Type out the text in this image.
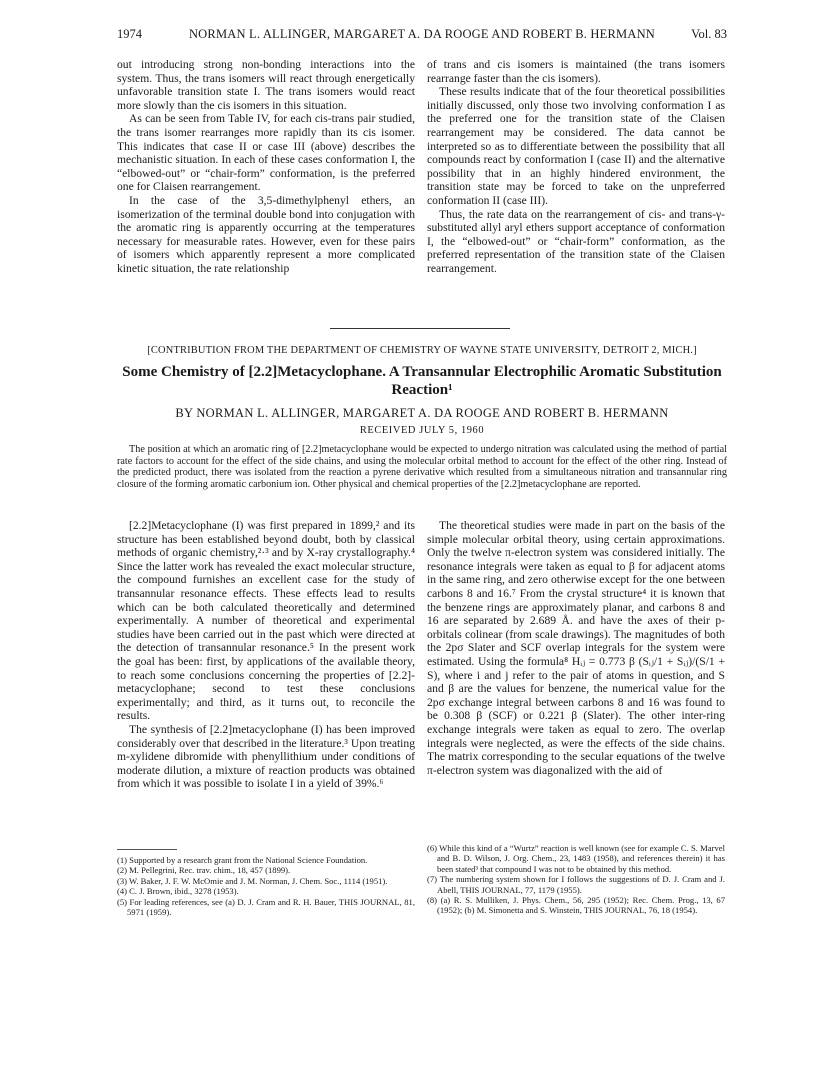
1974	NORMAN L. ALLINGER, MARGARET A. DA ROOGE AND ROBERT B. HERMANN	Vol. 83

out introducing strong non-bonding interactions into the system. Thus, the trans isomers will react through energetically unfavorable transition state I. The trans isomers would react more slowly than the cis isomers in this situation.

As can be seen from Table IV, for each cis-trans pair studied, the trans isomer rearranges more rapidly than its cis isomer. This indicates that case II or case III (above) describes the mechanistic situation. In each of these cases conformation I, the “elbowed-out” or “chair-form” conformation, is the preferred one for Claisen rearrangement.

In the case of the 3,5-dimethylphenyl ethers, an isomerization of the terminal double bond into conjugation with the aromatic ring is apparently occurring at the temperatures necessary for measurable rates. However, even for these pairs of isomers which apparently represent a more complicated kinetic situation, the rate relationship

of trans and cis isomers is maintained (the trans isomers rearrange faster than the cis isomers).

These results indicate that of the four theoretical possibilities initially discussed, only those two involving conformation I as the preferred one for the transition state of the Claisen rearrangement may be considered. The data cannot be interpreted so as to differentiate between the possibility that all compounds react by conformation I (case II) and the alternative possibility that in an highly hindered environment, the transition state may be forced to take on the unpreferred conformation II (case III).

Thus, the rate data on the rearrangement of cis- and trans-γ-substituted allyl aryl ethers support acceptance of conformation I, the “elbowed-out” or “chair-form” conformation, as the preferred representation of the transition state of the Claisen rearrangement.

[CONTRIBUTION FROM THE DEPARTMENT OF CHEMISTRY OF WAYNE STATE UNIVERSITY, DETROIT 2, MICH.]
Some Chemistry of [2.2]Metacyclophane. A Transannular Electrophilic Aromatic Substitution Reaction¹
BY NORMAN L. ALLINGER, MARGARET A. DA ROOGE AND ROBERT B. HERMANN
RECEIVED JULY 5, 1960
The position at which an aromatic ring of [2.2]metacyclophane would be expected to undergo nitration was calculated using the method of partial rate factors to account for the effect of the side chains, and using the molecular orbital method to account for the effect of the other ring. Instead of the predicted product, there was isolated from the reaction a pyrene derivative which resulted from a simultaneous nitration and transannular ring closure of the forming aromatic carbonium ion. Other physical and chemical properties of the [2.2]metacyclophane are reported.

[2.2]Metacyclophane (I) was first prepared in 1899,² and its structure has been established beyond doubt, both by classical methods of organic chemistry,²·³ and by X-ray crystallography.⁴ Since the latter work has revealed the exact molecular structure, the compound furnishes an excellent case for the study of transannular resonance effects. These effects lead to results which can be both calculated theoretically and determined experimentally. A number of theoretical and experimental studies have been carried out in the past which were directed at the detection of transannular resonance.⁵ In the present work the goal has been: first, by applications of the available theory, to reach some conclusions concerning the properties of [2.2]-metacyclophane; second to test these conclusions experimentally; and third, as it turns out, to reconcile the results.

The synthesis of [2.2]metacyclophane (I) has been improved considerably over that described in the literature.³ Upon treating m-xylidene dibromide with phenyllithium under conditions of moderate dilution, a mixture of reaction products was obtained from which it was possible to isolate I in a yield of 39%.⁶

The theoretical studies were made in part on the basis of the simple molecular orbital theory, using certain approximations. Only the twelve π-electron system was considered initially. The resonance integrals were taken as equal to β for adjacent atoms in the same ring, and zero otherwise except for the one between carbons 8 and 16.⁷ From the crystal structure⁴ it is known that the benzene rings are approximately planar, and carbons 8 and 16 are separated by 2.689 Å. and have the axes of their p-orbitals colinear (from scale drawings). The magnitudes of both the 2pσ Slater and SCF overlap integrals for the system were estimated. Using the formula⁸ Hᵢⱼ = 0.773 β (Sᵢⱼ/1 + Sᵢⱼ)/(S/1 + S), where i and j refer to the pair of atoms in question, and S and β are the values for benzene, the numerical value for the 2pσ exchange integral between carbons 8 and 16 was found to be 0.308 β (SCF) or 0.221 β (Slater). The other inter-ring exchange integrals were taken as equal to zero. The overlap integrals were neglected, as were the effects of the side chains. The matrix corresponding to the secular equations of the twelve π-electron system was diagonalized with the aid of

(1) Supported by a research grant from the National Science Foundation.

(2) M. Pellegrini, Rec. trav. chim., 18, 457 (1899).

(3) W. Baker, J. F. W. McOmie and J. M. Norman, J. Chem. Soc., 1114 (1951).

(4) C. J. Brown, ibid., 3278 (1953).

(5) For leading references, see (a) D. J. Cram and R. H. Bauer, THIS JOURNAL, 81, 5971 (1959).

(6) While this kind of a “Wurtz” reaction is well known (see for example C. S. Marvel and B. D. Wilson, J. Org. Chem., 23, 1483 (1958), and references therein) it has been stated³ that compound I was not to be obtained by this method.

(7) The numbering system shown for I follows the suggestions of D. J. Cram and J. Abell, THIS JOURNAL, 77, 1179 (1955).

(8) (a) R. S. Mulliken, J. Phys. Chem., 56, 295 (1952); Rec. Chem. Prog., 13, 67 (1952); (b) M. Simonetta and S. Winstein, THIS JOURNAL, 76, 18 (1954).
